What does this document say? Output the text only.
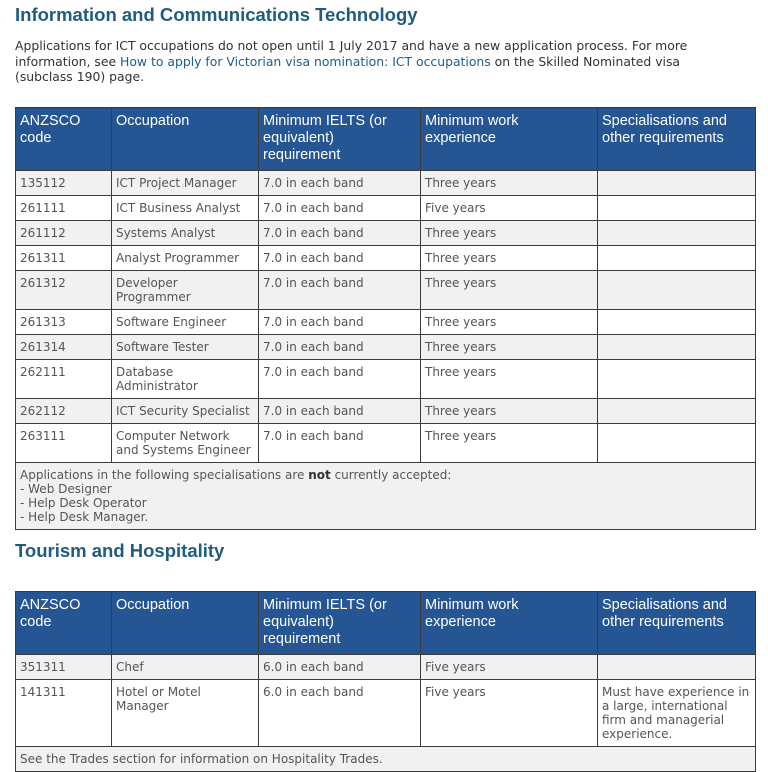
Information and Communications Technology

Applications for ICT occupations do not open until 1 July 2017 and have a new application process. For more information, see How to apply for Victorian visa nomination: ICT occupations on the Skilled Nominated visa (subclass 190) page.

ANZSCO code	Occupation	Minimum IELTS (or equivalent) requirement	Minimum work experience	Specialisations and other requirements
135112	ICT Project Manager	7.0 in each band	Three years	
261111	ICT Business Analyst	7.0 in each band	Five years	
261112	Systems Analyst	7.0 in each band	Three years	
261311	Analyst Programmer	7.0 in each band	Three years	
261312	Developer Programmer	7.0 in each band	Three years	
261313	Software Engineer	7.0 in each band	Three years	
261314	Software Tester	7.0 in each band	Three years	
262111	Database Administrator	7.0 in each band	Three years	
262112	ICT Security Specialist	7.0 in each band	Three years	
263111	Computer Network and Systems Engineer	7.0 in each band	Three years	

Applications in the following specialisations are not currently accepted:
- Web Designer
- Help Desk Operator
- Help Desk Manager.				
Tourism and Hospitality
ANZSCO code	Occupation	Minimum IELTS (or equivalent) requirement	Minimum work experience	Specialisations and other requirements
351311	Chef	6.0 in each band	Five years	
141311	Hotel or Motel Manager	6.0 in each band	Five years	Must have experience in a large, international firm and managerial experience.
See the Trades section for information on Hospitality Trades.				
